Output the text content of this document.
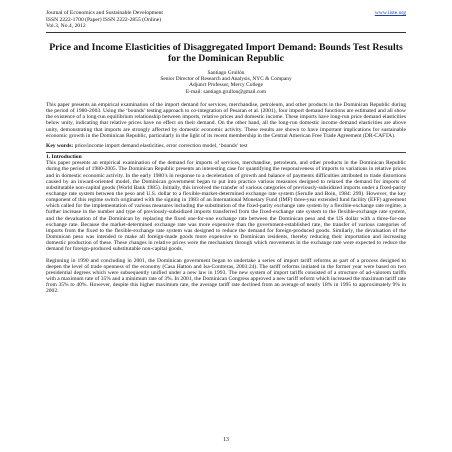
Journal of Economics and Sustainable Development
ISSN 2222-1700 (Paper) ISSN 2222-2855 (Online)
Vol.3, No.4, 2012
www.iiste.org
Price and Income Elasticities of Disaggregated Import Demand: Bounds Test Results for the Dominican Republic
Santiago Grullón
Senior Director of Research and Analysis, NYC & Company
Adjunct Professor, Mercy College
E-mail: santiago.grullon@gmail.com

This paper presents an empirical examination of the import demand for services, merchandise, petroleum, and other products in the Dominican Republic during the period of 1980-2003. Using the ‘bounds’ testing approach to co-integration of Pesaran et al. (2001), four import demand functions are estimated and all show the existence of a long-run equilibrium relationship between imports, relative prices and domestic income. These imports have long-run price demand elasticities below unity, indicating that relative prices have no effect on their demand. On the other hand, all the long-run domestic income demand elasticities are above unity, demonstrating that imports are strongly affected by domestic economic activity. These results are shown to have important implications for sustainable economic growth in the Dominican Republic, particularly in the light of its recent membership in the Central American Free Trade Agreement (DR-CAFTA).

Key words: price/income import demand elasticities, error correction model, ‘bounds’ test

1. Introduction

This paper presents an empirical examination of the demand for imports of services, merchandise, petroleum, and other products in the Dominican Republic during the period of 1980-2005. The Dominican Republic presents an interesting case for quantifying the responsiveness of imports to variations in relative prices and in domestic economic activity. In the early 1980’s in response to a deceleration of growth and balance of payments difficulties attributed to trade distortions caused by an inward-oriented model, the Dominican government began to put into practice various measures designed to relaxed the demand for imports of substitutable non-capital goods (World Bank 1985). Initially, this involved the transfer of various categories of previously-subsidized imports under a fixed-parity exchange rate system between the peso and U.S. dollar to a flexible-market-determined exchange rate system (Serulle and Boin, 1984: 299). However, the key component of this regime switch originated with the signing in 1983 of an International Monetary Fund (IMF) three-year extended fund facility (EFF) agreement which called for the implementation of various measures including the substitution of the fixed-parity exchange rate system by a flexible-exchange rate regime, a further increase in the number and type of previously-subsidized imports transferred from the fixed-exchange rate system to the flexible-exchange rate system, and the devaluation of the Dominican by replacing the fixed one-for-one exchange rate between the Dominican peso and the US dollar with a three-for-one exchange rate. Because the market-determined exchange rate was more expensive than the government-established rate, the transfer of various categories of imports from the fixed to the flexible-exchange rate system was designed to reduce the demand for foreign-produced goods. Similarly, the devaluation of the Dominican peso was intended to make all foreign-made goods more expensive to Dominican residents, thereby reducing their importation and increasing domestic production of these. These changes in relative prices were the mechanism through which movements in the exchange rate were expected to reduce the demand for foreign-produced substitutable non-capital goods.

Beginning in 1990 and concluding in 2001, the Dominican government began to undertake a series of import tariff reforms as part of a process designed to deepen the level of trade openness of the economy (Casa Hatton and Isa-Contreras, 2003:24). The tariff reforms initiated in the former year were based on two presidential degrees which were subsequently unified under a new law in 1993. The new system of import tariffs consisted of a structure of ad-valorem tariffs with a maximum rate of 35% and a minimum rate of 3%. In 2001, the Dominican Congress approved a new tariff reform which increased the maximum tariff rate from 35% to 40%. However, despite this higher maximum rate, the average tariff rate declined from an average of nearly 18% in 1995 to approximately 9% in 2002.

13
